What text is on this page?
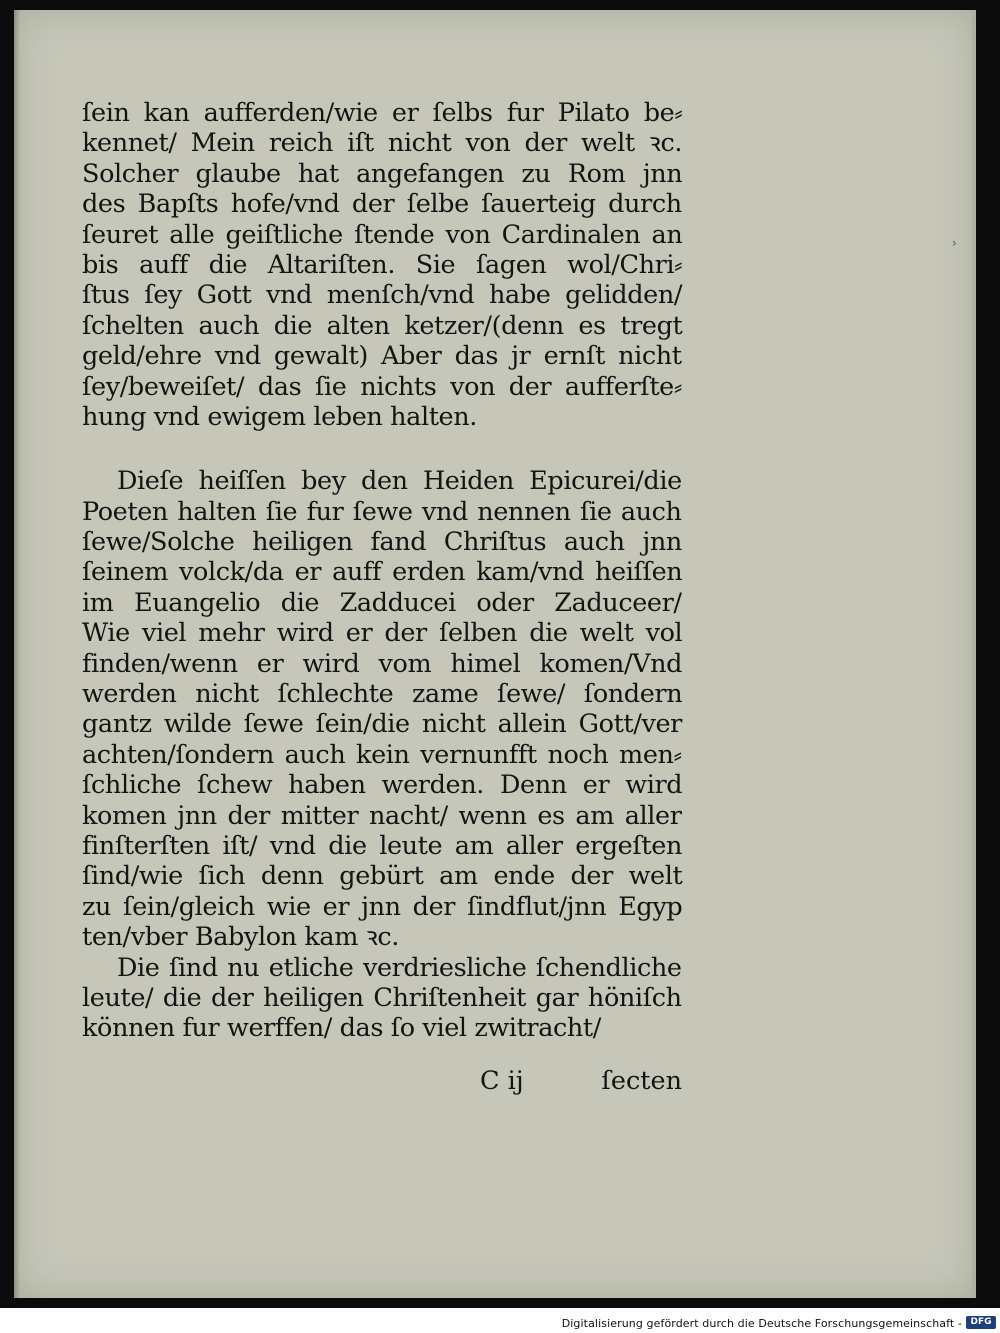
›
ſein kan aufferden/wie er ſelbs fur Pilato be⸗
kennet/ Mein reich iſt nicht von der welt ꝛc.
Solcher glaube hat angefangen zu Rom jnn
des Bapſts hofe/vnd der ſelbe ſauerteig durch
ſeuret alle geiſtliche ſtende von Cardinalen an
bis auff die Altariſten. Sie ſagen wol/Chri⸗
ſtus ſey Gott vnd menſch/vnd habe gelidden/
ſchelten auch die alten ketzer/(denn es tregt
geld/ehre vnd gewalt) Aber das jr ernſt nicht
ſey/beweiſet/ das ſie nichts von der aufferſte⸗
hung vnd ewigem leben halten.
Dieſe heiſſen bey den Heiden Epicurei/die
Poeten halten ſie fur ſewe vnd nennen ſie auch
ſewe/Solche heiligen fand Chriſtus auch jnn
ſeinem volck/da er auff erden kam/vnd heiſſen
im Euangelio die Zadducei oder Zaduceer/
Wie viel mehr wird er der ſelben die welt vol
finden/wenn er wird vom himel komen/Vnd
werden nicht ſchlechte zame ſewe/ ſondern
gantz wilde ſewe ſein/die nicht allein Gott/ver
achten/ſondern auch kein vernunfft noch men⸗
ſchliche ſchew haben werden. Denn er wird
komen jnn der mitter nacht/ wenn es am aller
finſterſten iſt/ vnd die leute am aller ergeſten
ſind/wie ſich denn gebürt am ende der welt
zu ſein/gleich wie er jnn der ſindflut/jnn Egyp
ten/vber Babylon kam ꝛc.
Die ſind nu etliche verdriesliche ſchendliche
leute/ die der heiligen Chriſtenheit gar höniſch
können fur werffen/ das ſo viel zwitracht/
C ij	ſecten
Digitalisierung gefördert durch die Deutsche Forschungsgemeinschaft - DFG
